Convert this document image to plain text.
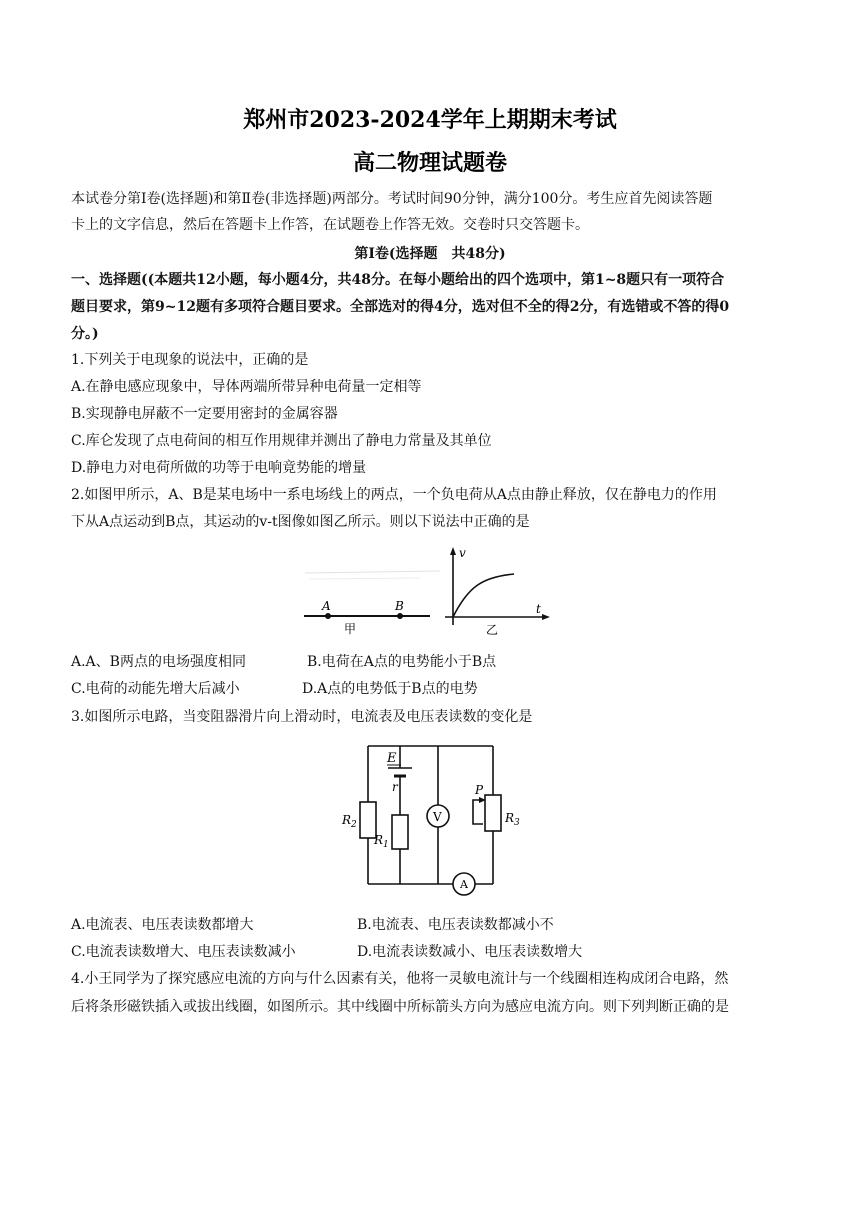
郑州市2023-2024学年上期期末考试
高二物理试题卷
本试卷分第Ⅰ卷(选择题)和第Ⅱ卷(非选择题)两部分。考试时间90分钟，满分100分。考生应首先阅读答题
卡上的文字信息，然后在答题卡上作答，在试题卷上作答无效。交卷时只交答题卡。
第Ⅰ卷(选择题　共48分)
一、选择题((本题共12小题，每小题4分，共48分。在每小题给出的四个选项中，第1~8题只有一项符合
题目要求，第9~12题有多项符合题目要求。全部选对的得4分，选对但不全的得2分，有选错或不答的得0
分。)
1.下列关于电现象的说法中，正确的是
A.在静电感应现象中，导体两端所带异种电荷量一定相等
B.实现静电屏蔽不一定要用密封的金属容器
C.库仑发现了点电荷间的相互作用规律并测出了静电力常量及其单位
D.静电力对电荷所做的功等于电响竟势能的增量
2.如图甲所示，A、B是某电场中一系电场线上的两点，一个负电荷从A点由静止释放，仅在静电力的作用
下从A点运动到B点，其运动的v-t图像如图乙所示。则以下说法中正确的是
A	B
甲
v
t
乙
A.A、B两点的电场强度相同	B.电荷在A点的电势能小于B点
C.电荷的动能先增大后减小	D.A点的电势低于B点的电势
3.如图所示电路，当变阻器滑片向上滑动时，电流表及电压表读数的变化是
E
r
R 2
R 1
R 3
P
V
A
A.电流表、电压表读数都增大	B.电流表、电压表读数都减小不
C.电流表读数增大、电压表读数减小	D.电流表读数减小、电压表读数增大
4.小王同学为了探究感应电流的方向与什么因素有关，他将一灵敏电流计与一个线圈相连构成闭合电路，然
后将条形磁铁插入或拔出线圈，如图所示。其中线圈中所标箭头方向为感应电流方向。则下列判断正确的是
